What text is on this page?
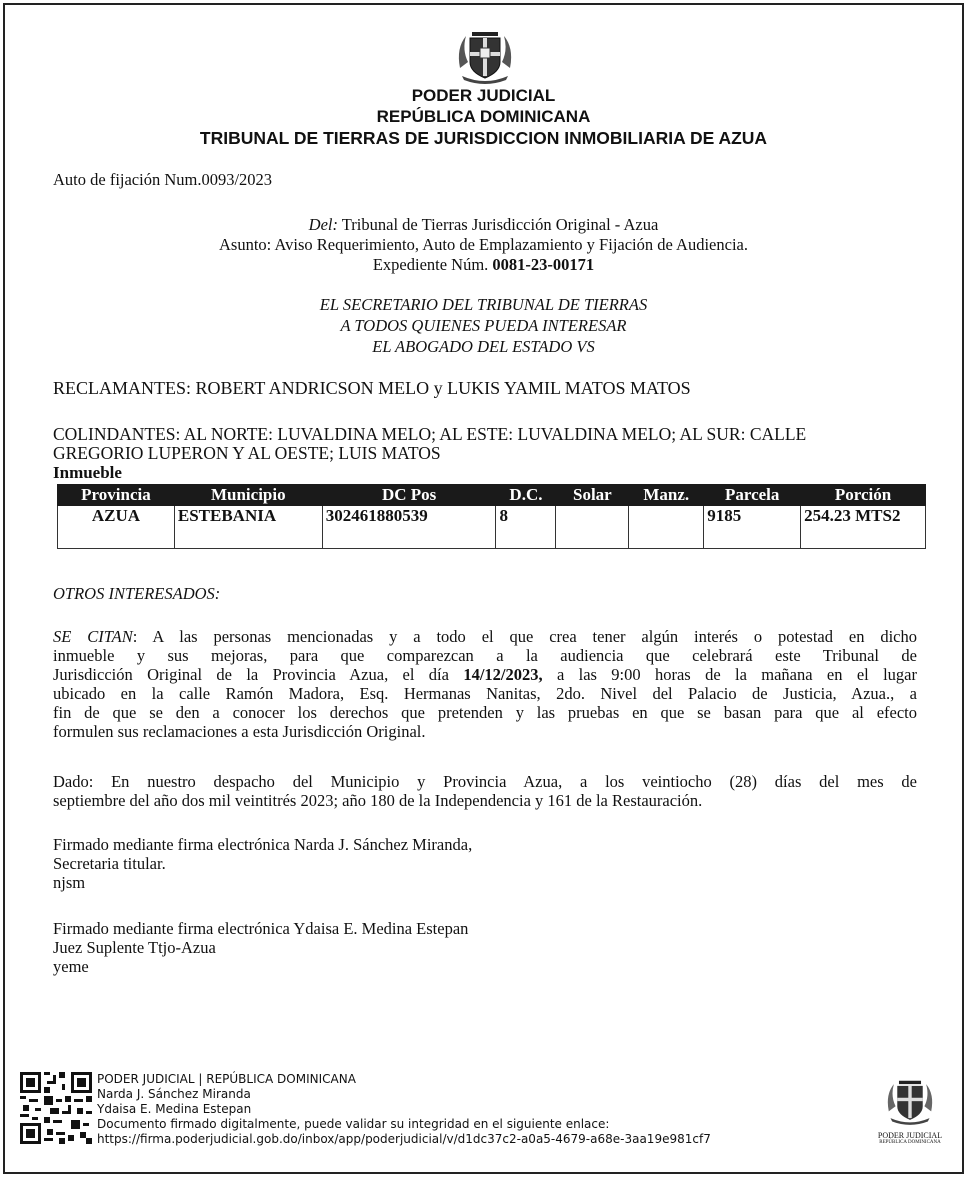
PODER JUDICIAL
REPÚBLICA DOMINICANA
TRIBUNAL DE TIERRAS DE JURISDICCION INMOBILIARIA DE AZUA
Auto de fijación Num.0093/2023
Del: Tribunal de Tierras Jurisdicción Original - Azua
Asunto: Aviso Requerimiento, Auto de Emplazamiento y Fijación de Audiencia.
Expediente Núm. 0081-23-00171
EL SECRETARIO DEL TRIBUNAL DE TIERRAS
A TODOS QUIENES PUEDA INTERESAR
EL ABOGADO DEL ESTADO VS
RECLAMANTES: ROBERT ANDRICSON MELO y LUKIS YAMIL MATOS MATOS
COLINDANTES: AL NORTE: LUVALDINA MELO; AL ESTE: LUVALDINA MELO; AL SUR: CALLE
GREGORIO LUPERON Y AL OESTE; LUIS MATOS
Inmueble
Provincia	Municipio	DC Pos	D.C.	Solar	Manz.	Parcela	Porción
AZUA	ESTEBANIA	302461880539	8			9185	254.23 MTS2
OTROS INTERESADOS:
SE CITAN: A las personas mencionadas y a todo el que crea tener algún interés o potestad en dicho
inmueble y sus mejoras, para que comparezcan a la audiencia que celebrará este Tribunal de
Jurisdicción Original de la Provincia Azua, el día 14/12/2023, a las 9:00 horas de la mañana en el lugar
ubicado en la calle Ramón Madora, Esq. Hermanas Nanitas, 2do. Nivel del Palacio de Justicia, Azua., a
fin de que se den a conocer los derechos que pretenden y las pruebas en que se basan para que al efecto
formulen sus reclamaciones a esta Jurisdicción Original.
Dado: En nuestro despacho del Municipio y Provincia Azua, a los veintiocho (28) días del mes de
septiembre del año dos mil veintitrés 2023; año 180 de la Independencia y 161 de la Restauración.
Firmado mediante firma electrónica Narda J. Sánchez Miranda,
Secretaria titular.
njsm
Firmado mediante firma electrónica Ydaisa E. Medina Estepan
Juez Suplente Ttjo-Azua
yeme
PODER JUDICIAL | REPÚBLICA DOMINICANA
Narda J. Sánchez Miranda
Ydaisa E. Medina Estepan
Documento firmado digitalmente, puede validar su integridad en el siguiente enlace:
https://firma.poderjudicial.gob.do/inbox/app/poderjudicial/v/d1dc37c2-a0a5-4679-a68e-3aa19e981cf7	PODER JUDICIAL
REPÚBLICA DOMINICANA
